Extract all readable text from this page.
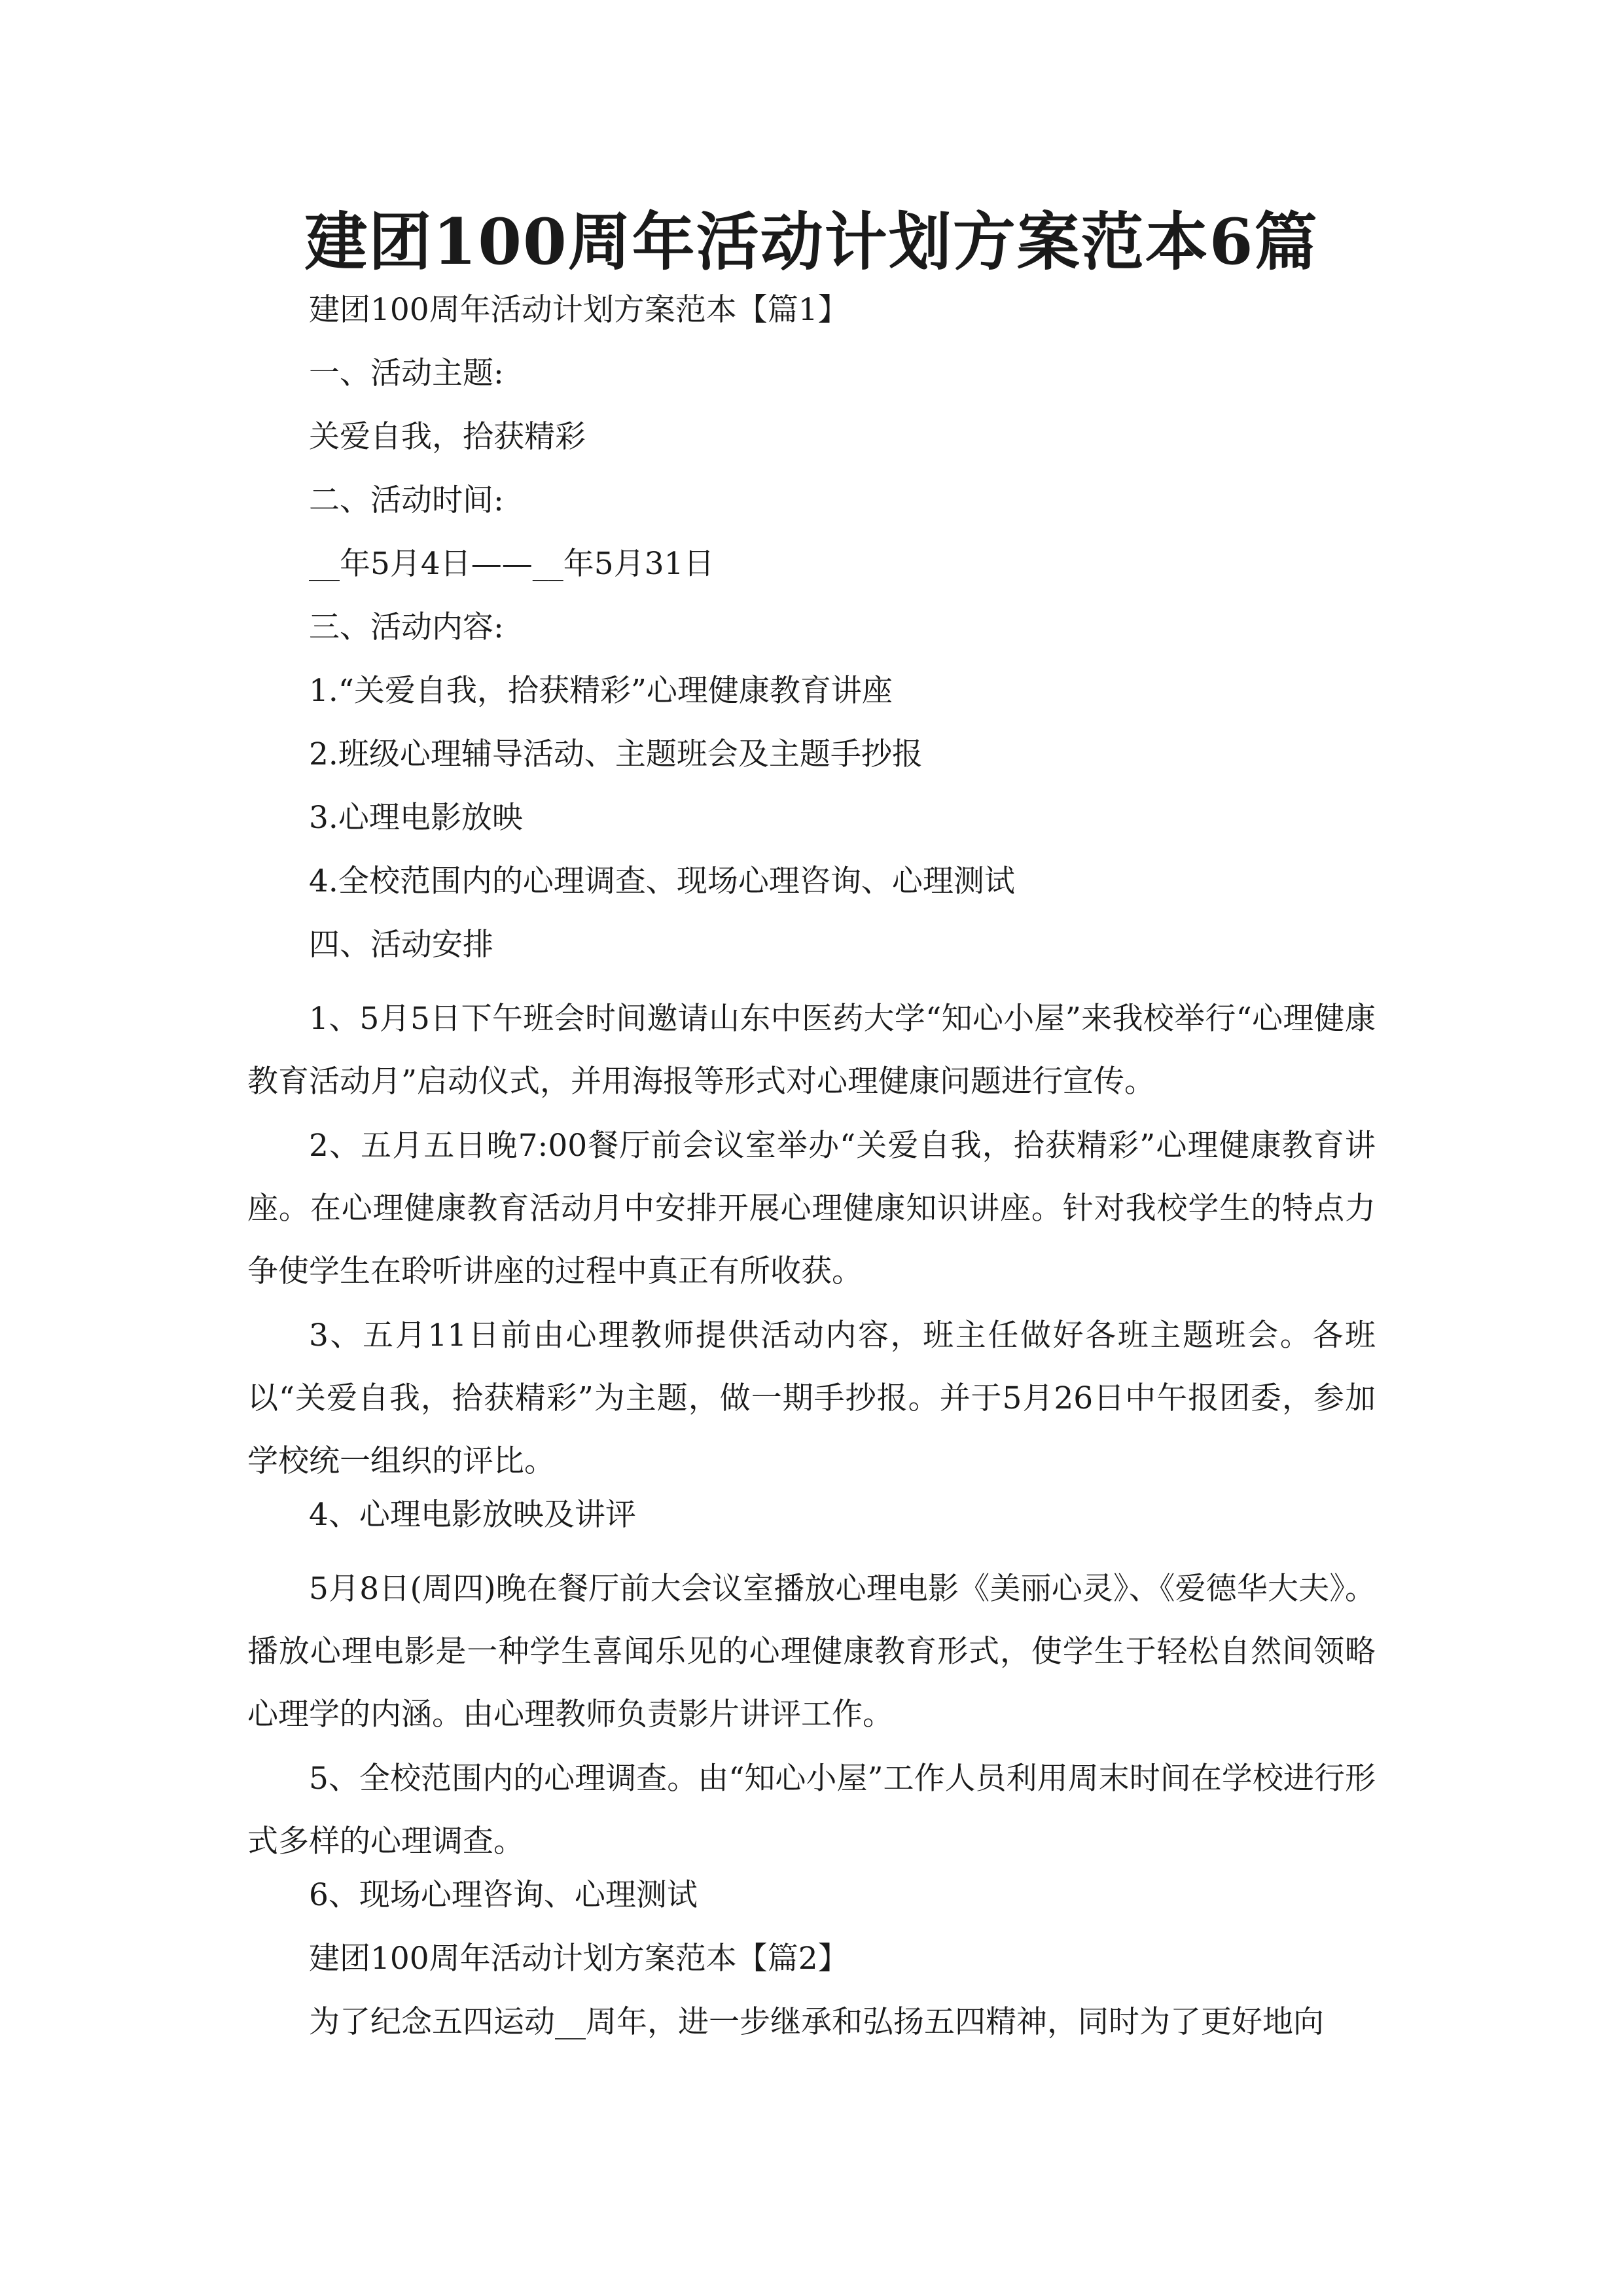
建团100周年活动计划方案范本6篇

建团100周年活动计划方案范本【篇1】

一、活动主题:

关爱自我，拾获精彩

二、活动时间:

__年5月4日——__年5月31日

三、活动内容:

1.“关爱自我，拾获精彩”心理健康教育讲座

2.班级心理辅导活动、主题班会及主题手抄报

3.心理电影放映

4.全校范围内的心理调查、现场心理咨询、心理测试

四、活动安排

1、5月5日下午班会时间邀请山东中医药大学“知心小屋”来我校举行“心理健康教育活动月”启动仪式，并用海报等形式对心理健康问题进行宣传。

2、五月五日晚7:00餐厅前会议室举办“关爱自我，拾获精彩”心理健康教育讲座。在心理健康教育活动月中安排开展心理健康知识讲座。针对我校学生的特点力争使学生在聆听讲座的过程中真正有所收获。

3、五月11日前由心理教师提供活动内容，班主任做好各班主题班会。各班以“关爱自我，拾获精彩”为主题，做一期手抄报。并于5月26日中午报团委，参加学校统一组织的评比。

4、心理电影放映及讲评

5月8日(周四)晚在餐厅前大会议室播放心理电影《美丽心灵》、《爱德华大夫》。播放心理电影是一种学生喜闻乐见的心理健康教育形式，使学生于轻松自然间领略心理学的内涵。由心理教师负责影片讲评工作。

5、全校范围内的心理调查。由“知心小屋”工作人员利用周末时间在学校进行形式多样的心理调查。

6、现场心理咨询、心理测试

建团100周年活动计划方案范本【篇2】

为了纪念五四运动__周年，进一步继承和弘扬五四精神，同时为了更好地向
